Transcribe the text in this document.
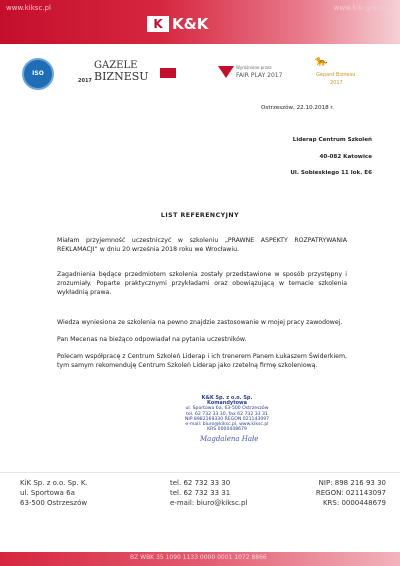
www.kiksc.pl	www.kik-group.pl
K K&K
ISO
GAZELE
BIZNESU
2017
Wyróżnione przez
FAIR PLAY 2017
🐆
Gepard Biznesu
2017
Ostrzeszów, 22.10.2018 r.
Liderap Centrum Szkoleń
40-082 Katowice
Ul. Sobieskiego 11 lok. E6
LIST REFERENCYJNY

Miałam przyjemność uczestniczyć w szkoleniu „PRAWNE ASPEKTY ROZPATRYWANIA REKLAMACJI” w dniu 20 września 2018 roku we Wrocławiu.

Zagadnienia będące przedmiotem szkolenia zostały przedstawione w sposób przystępny i zrozumiały. Poparte praktycznymi przykładami oraz obowiązującą w temacie szkolenia wykładnią prawa.

Wiedza wyniesiona ze szkolenia na pewno znajdzie zastosowanie w mojej pracy zawodowej.

Pan Mecenas na bieżąco odpowiadał na pytania uczestników.

Polecam współpracę z Centrum Szkoleń Liderap i ich trenerem Panem Łukaszem Świderkiem, tym samym rekomenduję Centrum Szkoleń Liderap jako rzetelną firmę szkoleniową.

K&K Sp. z o.o. Sp. Komandytowa
ul. Sportowa 6a, 63-500 Ostrzeszów
tel. 62 732 33 30, fax 62 732 33 31
NIP 8982169330 REGON 021143097
e-mail: biuro@kiksc.pl, www.kiksc.pl
KRS 0000448679
Magdalena Hałe
KiK Sp. z o.o. Sp. K.
ul. Sportowa 6a
63-500 Ostrzeszów
tel. 62 732 33 30
tel. 62 732 33 31
e-mail: biuro@kiksc.pl
NIP: 898 216 93 30
REGON: 021143097
KRS: 0000448679
BZ WBK 35 1090 1133 0000 0001 1072 8866
